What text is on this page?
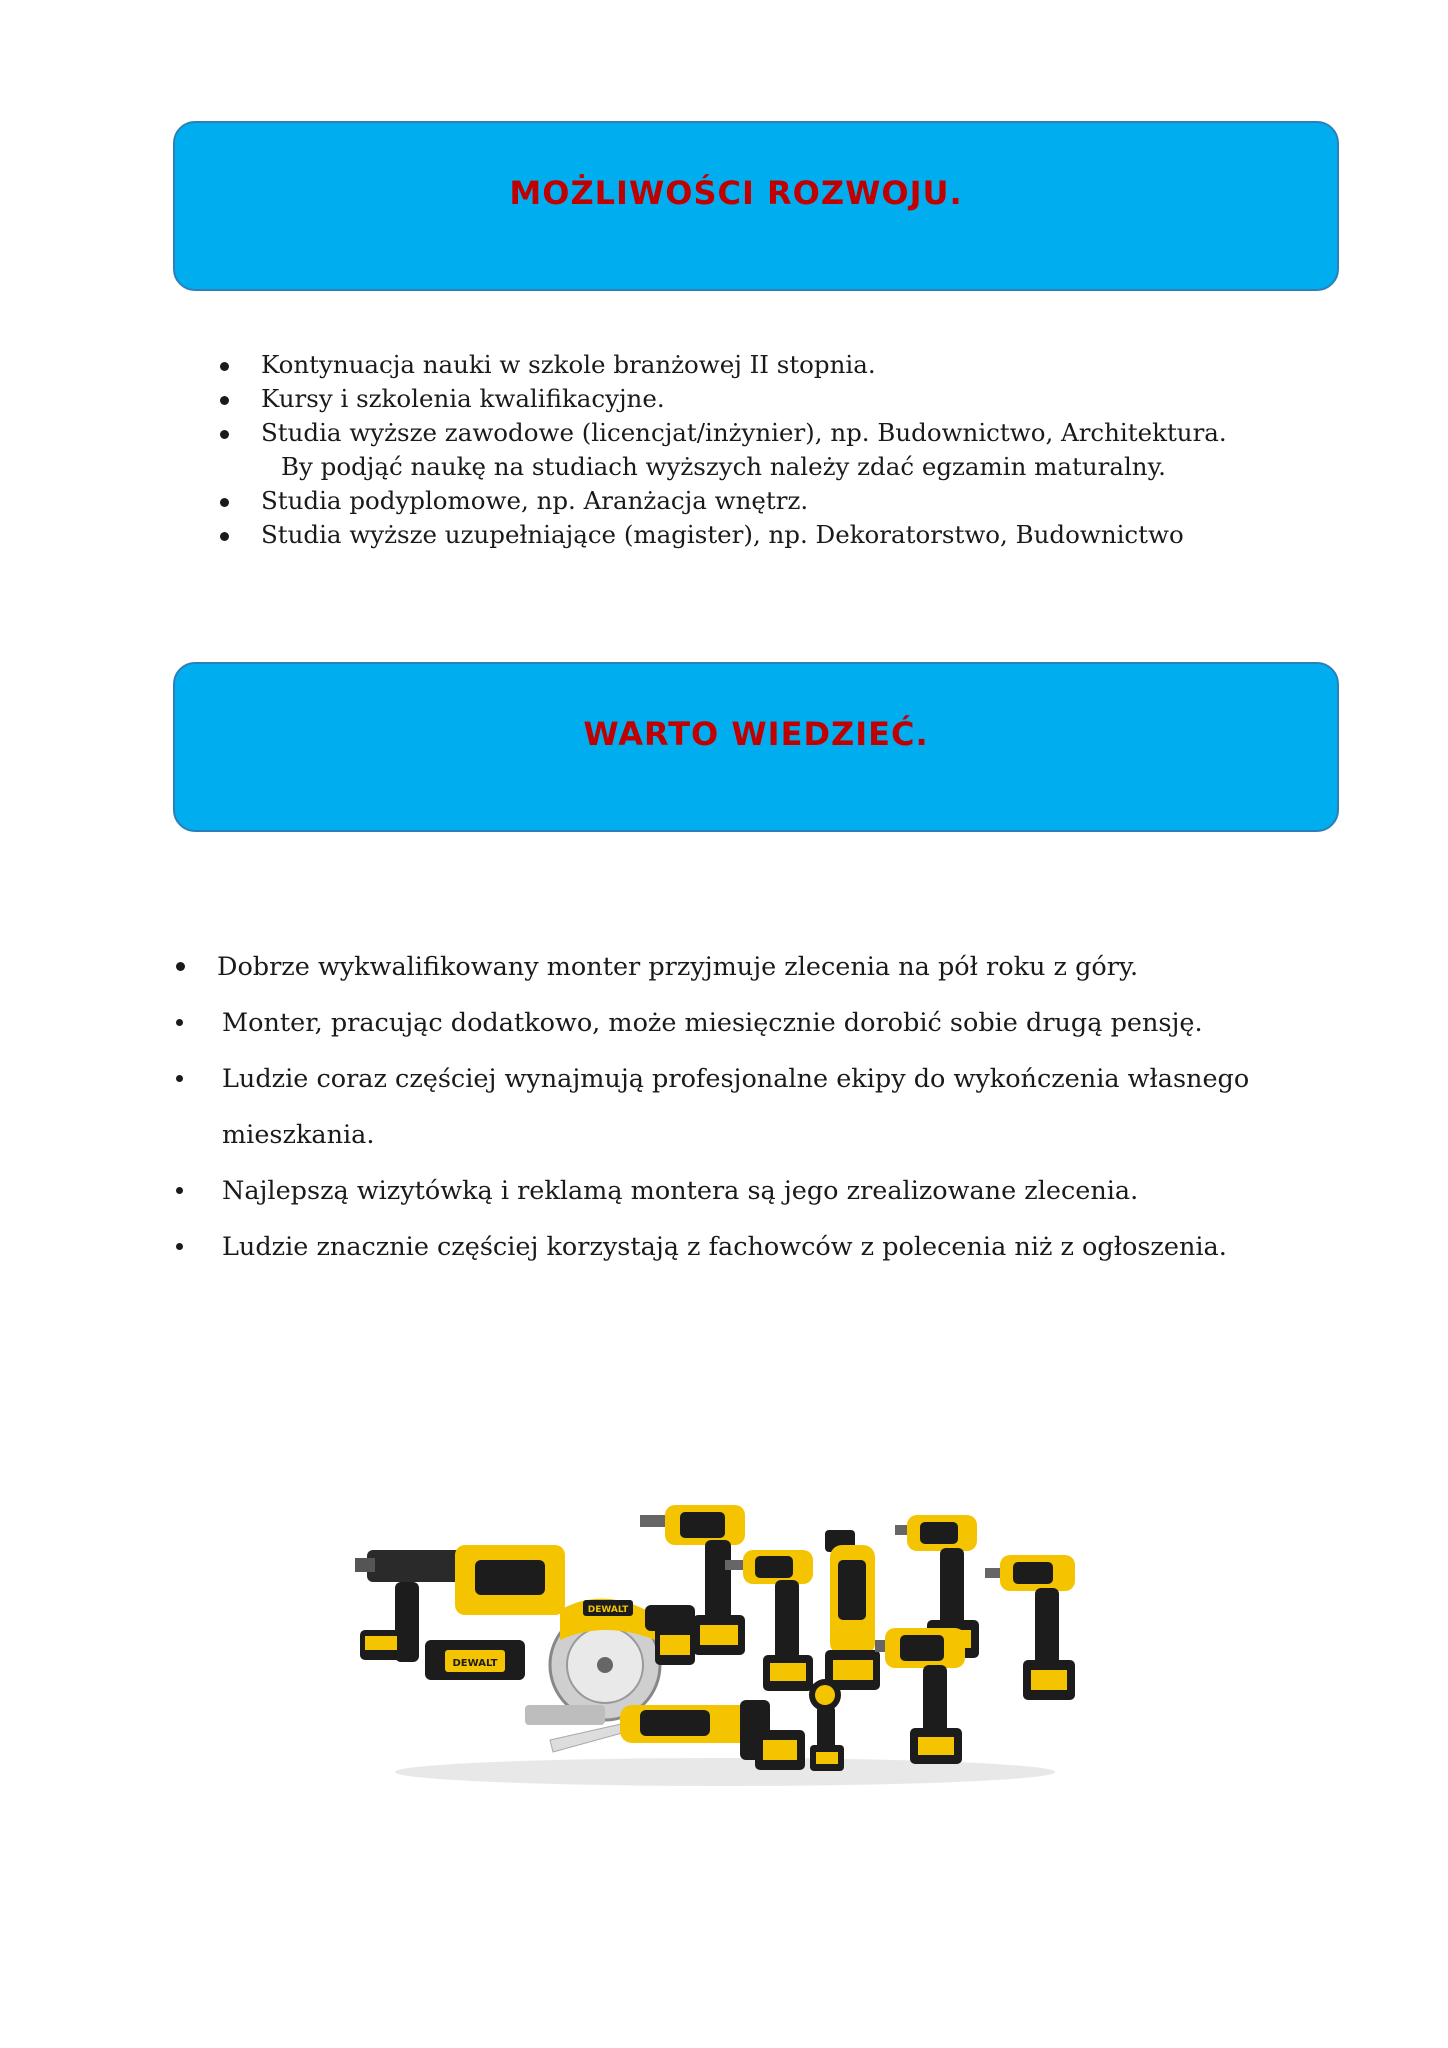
MOŻLIWOŚCI ROZWOJU.
Kontynuacja nauki w szkole branżowej II stopnia.
Kursy i szkolenia kwalifikacyjne.
Studia wyższe zawodowe (licencjat/inżynier), np. Budownictwo, Architektura.
By podjąć naukę na studiach wyższych należy zdać egzamin maturalny.
Studia podyplomowe, np. Aranżacja wnętrz.
Studia wyższe uzupełniające (magister), np. Dekoratorstwo, Budownictwo
WARTO WIEDZIEĆ.
Dobrze wykwalifikowany monter przyjmuje zlecenia na pół roku z góry.
Monter, pracując dodatkowo, może miesięcznie dorobić sobie drugą pensję.
Ludzie coraz częściej wynajmują profesjonalne ekipy do wykończenia własnego
mieszkania.
Najlepszą wizytówką i reklamą montera są jego zrealizowane zlecenia.
Ludzie znacznie częściej korzystają z fachowców z polecenia niż z ogłoszenia.
DEWALT
DEWALT
